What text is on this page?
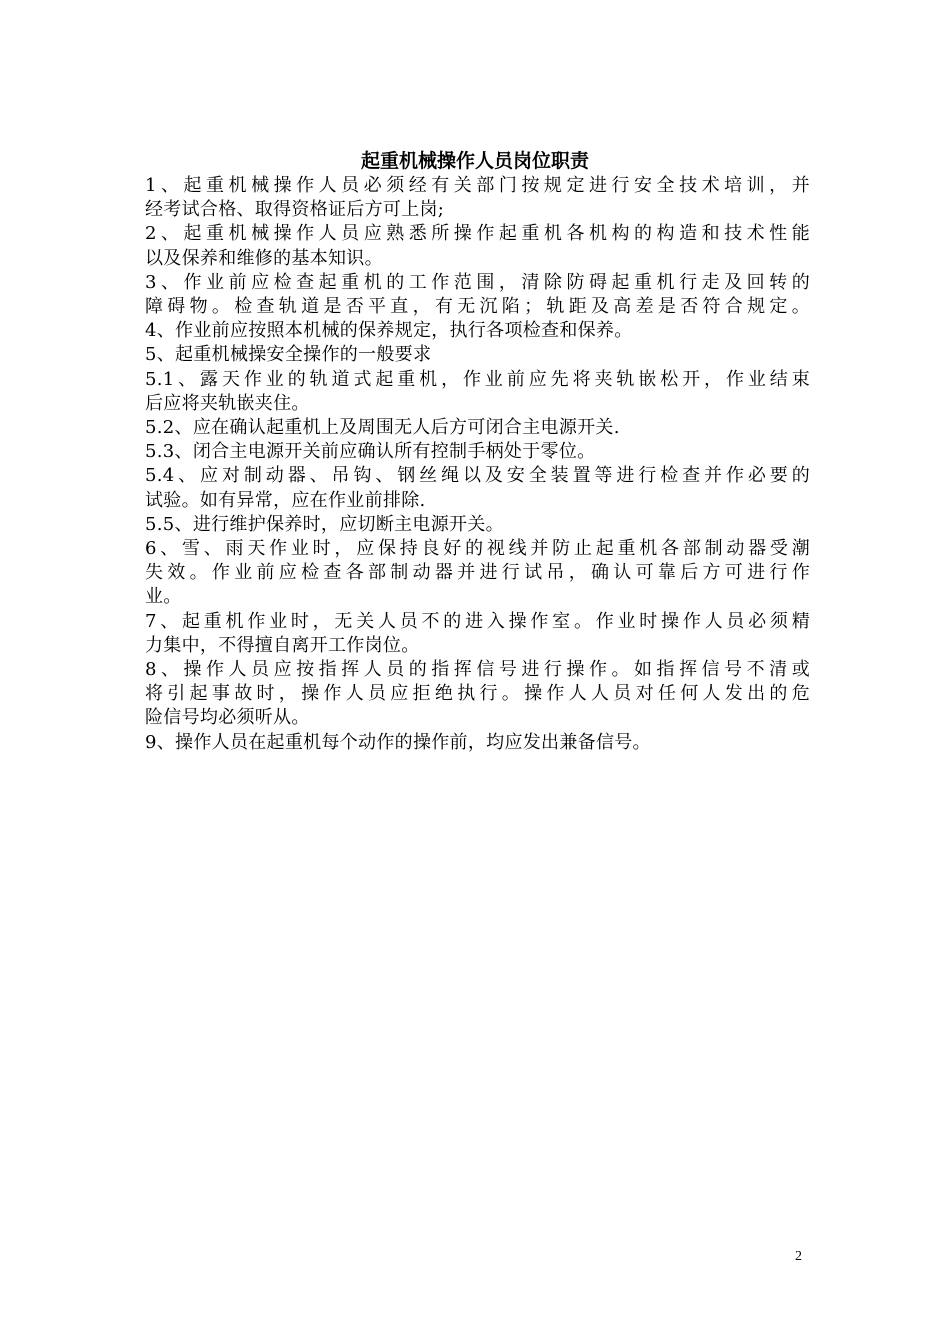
起重机械操作人员岗位职责
1、起重机械操作人员必须经有关部门按规定进行安全技术培训，并
经考试合格、取得资格证后方可上岗;
2、起重机械操作人员应熟悉所操作起重机各机构的构造和技术性能
以及保养和维修的基本知识。
3、作业前应检查起重机的工作范围，清除防碍起重机行走及回转的
障碍物。检查轨道是否平直，有无沉陷；轨距及高差是否符合规定。
4、作业前应按照本机械的保养规定，执行各项检查和保养。
5、起重机械操安全操作的一般要求
5.1、露天作业的轨道式起重机，作业前应先将夹轨嵌松开，作业结束
后应将夹轨嵌夹住。
5.2、应在确认起重机上及周围无人后方可闭合主电源开关.
5.3、闭合主电源开关前应确认所有控制手柄处于零位。
5.4、应对制动器、吊钩、钢丝绳以及安全装置等进行检查并作必要的
试验。如有异常，应在作业前排除.
5.5、进行维护保养时，应切断主电源开关。
6、雪、雨天作业时，应保持良好的视线并防止起重机各部制动器受潮
失效。作业前应检查各部制动器并进行试吊，确认可靠后方可进行作
业。
7、起重机作业时，无关人员不的进入操作室。作业时操作人员必须精
力集中，不得擅自离开工作岗位。
8、操作人员应按指挥人员的指挥信号进行操作。如指挥信号不清或
将引起事故时，操作人员应拒绝执行。操作人人员对任何人发出的危
险信号均必须听从。
9、操作人员在起重机每个动作的操作前，均应发出兼备信号。
2
